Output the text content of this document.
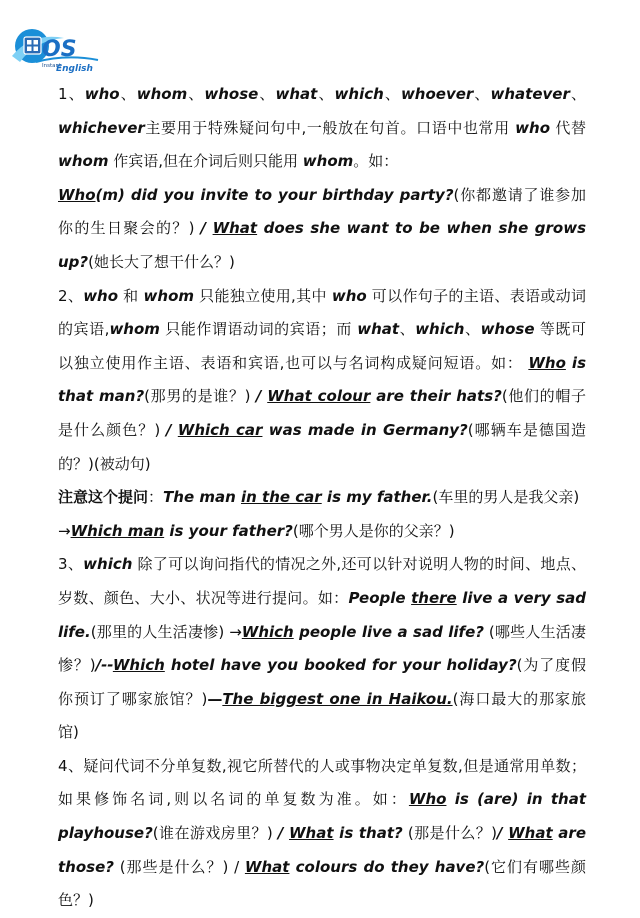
OS
Instant
English

1、who、whom、whose、what、which、whoever、whatever、whichever主要用于特殊疑问句中,一般放在句首。口语中也常用 who 代替 whom 作宾语,但在介词后则只能用 whom。如：

Who(m) did you invite to your birthday party?(你都邀请了谁参加你的生日聚会的？) / What does she want to be when she grows up?(她长大了想干什么？)

2、who 和 whom 只能独立使用,其中 who 可以作句子的主语、表语或动词的宾语,whom 只能作谓语动词的宾语；而 what、which、whose 等既可以独立使用作主语、表语和宾语,也可以与名词构成疑问短语。如： Who is that man?(那男的是谁？) / What colour are their hats?(他们的帽子是什么颜色？) / Which car was made in Germany?(哪辆车是德国造的？)(被动句)

注意这个提问：The man in the car is my father.(车里的男人是我父亲)

→Which man is your father?(哪个男人是你的父亲？)

3、which 除了可以询问指代的情况之外,还可以针对说明人物的时间、地点、岁数、颜色、大小、状况等进行提问。如：People there live a very sad life.(那里的人生活凄惨) →Which people live a sad life? (哪些人生活凄惨？)/--Which hotel have you booked for your holiday?(为了度假你预订了哪家旅馆？)—The biggest one in Haikou.(海口最大的那家旅馆)

4、疑问代词不分单复数,视它所替代的人或事物决定单复数,但是通常用单数；如果修饰名词,则以名词的单复数为准。如：Who is (are) in that playhouse?(谁在游戏房里？) / What is that? (那是什么？)/ What are those? (那些是什么？) / What colours do they have?(它们有哪些颜色？)
